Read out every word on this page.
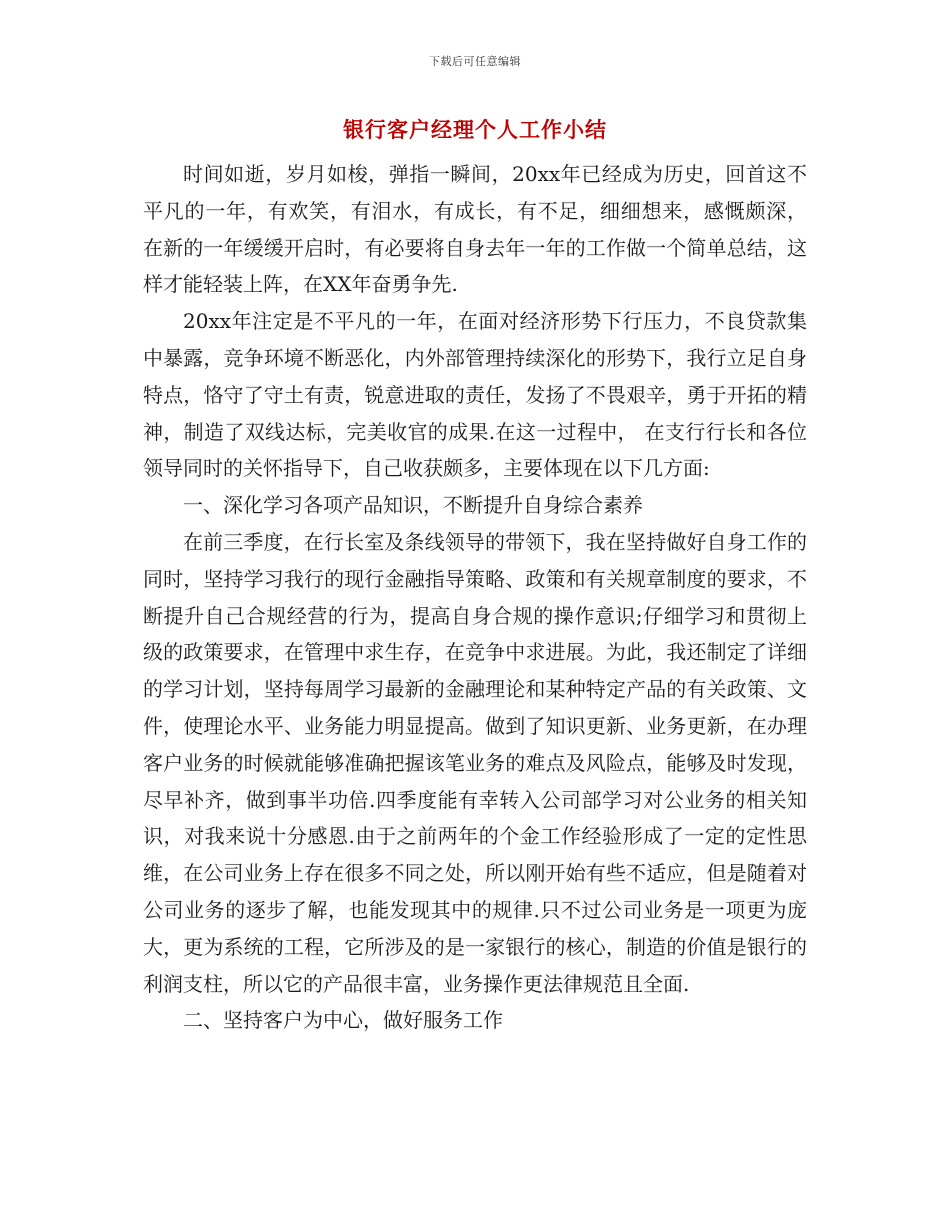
下载后可任意编辑
银行客户经理个人工作小结

时间如逝，岁月如梭，弹指一瞬间，20xx年已经成为历史，回首这不平凡的一年，有欢笑，有泪水，有成长，有不足，细细想来，感慨颇深， 在新的一年缓缓开启时，有必要将自身去年一年的工作做一个简单总结，这样才能轻装上阵，在XX年奋勇争先.

20xx年注定是不平凡的一年，在面对经济形势下行压力，不良贷款集中暴露，竞争环境不断恶化，内外部管理持续深化的形势下，我行立足自身特点，恪守了守土有责，锐意进取的责任，发扬了不畏艰辛，勇于开拓的精神，制造了双线达标，完美收官的成果.在这一过程中， 在支行行长和各位领导同时的关怀指导下，自己收获颇多，主要体现在以下几方面:

一、深化学习各项产品知识，不断提升自身综合素养

在前三季度，在行长室及条线领导的带领下，我在坚持做好自身工作的同时，坚持学习我行的现行金融指导策略、政策和有关规章制度的要求，不断提升自己合规经营的行为，提高自身合规的操作意识;仔细学习和贯彻上级的政策要求，在管理中求生存，在竞争中求进展。为此，我还制定了详细的学习计划，坚持每周学习最新的金融理论和某种特定产品的有关政策、文件，使理论水平、业务能力明显提高。做到了知识更新、业务更新，在办理客户业务的时候就能够准确把握该笔业务的难点及风险点，能够及时发现，尽早补齐，做到事半功倍.四季度能有幸转入公司部学习对公业务的相关知识，对我来说十分感恩.由于之前两年的个金工作经验形成了一定的定性思维，在公司业务上存在很多不同之处，所以刚开始有些不适应，但是随着对公司业务的逐步了解，也能发现其中的规律.只不过公司业务是一项更为庞大，更为系统的工程，它所涉及的是一家银行的核心，制造的价值是银行的利润支柱，所以它的产品很丰富，业务操作更法律规范且全面.

二、坚持客户为中心，做好服务工作
